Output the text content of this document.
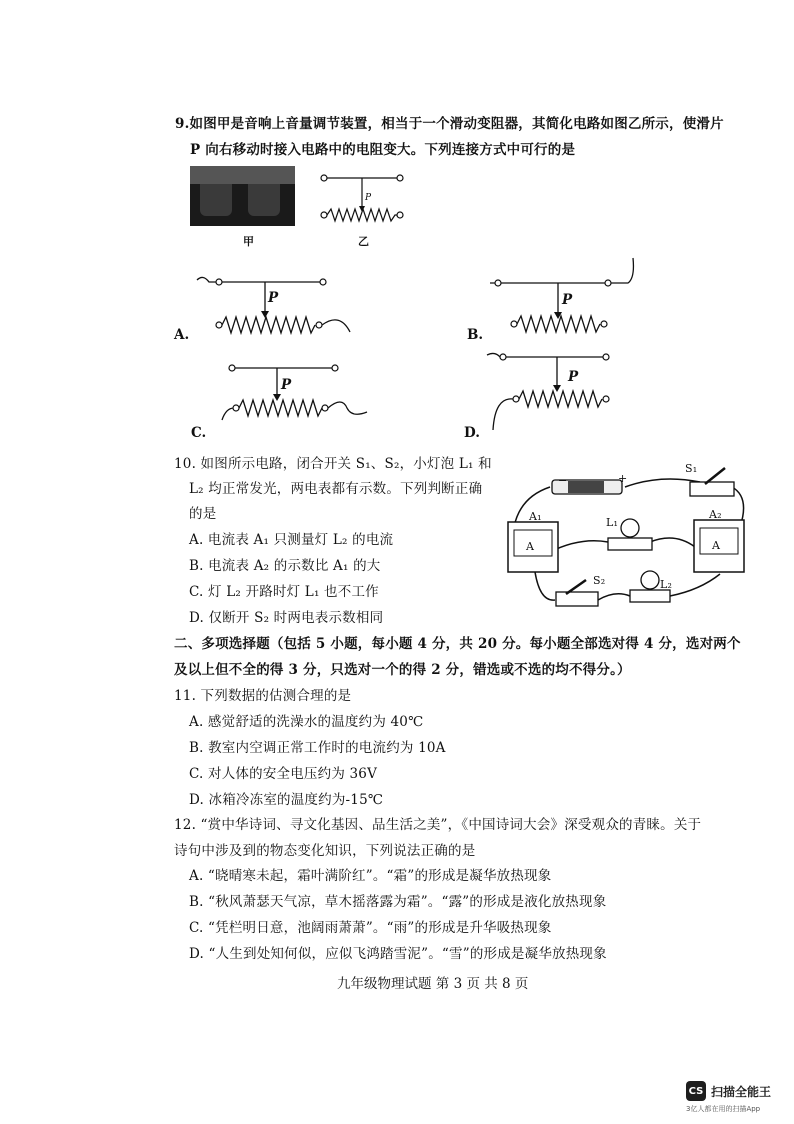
9.如图甲是音响上音量调节装置，相当于一个滑动变阻器，其简化电路如图乙所示，使滑片
P 向右移动时接入电路中的电阻变大。下列连接方式中可行的是
甲
P
乙
P
A.
P
B.
P
C.
P
D.
10. 如图所示电路，闭合开关 S₁、S₂，小灯泡 L₁ 和
L₂ 均正常发光，两电表都有示数。下列判断正确
的是
A. 电流表 A₁ 只测量灯 L₂ 的电流
B. 电流表 A₂ 的示数比 A₁ 的大
C. 灯 L₂ 开路时灯 L₁ 也不工作
D. 仅断开 S₂ 时两电表示数相同
−	+
S₁
A₁
A
L₁
A₂
A
S₂	L₂
二、多项选择题（包括 5 小题，每小题 4 分，共 20 分。每小题全部选对得 4 分，选对两个
及以上但不全的得 3 分，只选对一个的得 2 分，错选或不选的均不得分。）
11. 下列数据的估测合理的是
A. 感觉舒适的洗澡水的温度约为 40℃
B. 教室内空调正常工作时的电流约为 10A
C. 对人体的安全电压约为 36V
D. 冰箱冷冻室的温度约为-15℃
12. “赏中华诗词、寻文化基因、品生活之美”，《中国诗词大会》深受观众的青睐。关于
诗句中涉及到的物态变化知识，下列说法正确的是
A. “晓晴寒未起，霜叶满阶红”。“霜”的形成是凝华放热现象
B. “秋风萧瑟天气凉，草木摇落露为霜”。“露”的形成是液化放热现象
C. “凭栏明日意，池阔雨萧萧”。“雨”的形成是升华吸热现象
D. “人生到处知何似，应似飞鸿踏雪泥”。“雪”的形成是凝华放热现象
九年级物理试题 第 3 页 共 8 页
CS 扫描全能王
3亿人都在用的扫描App
